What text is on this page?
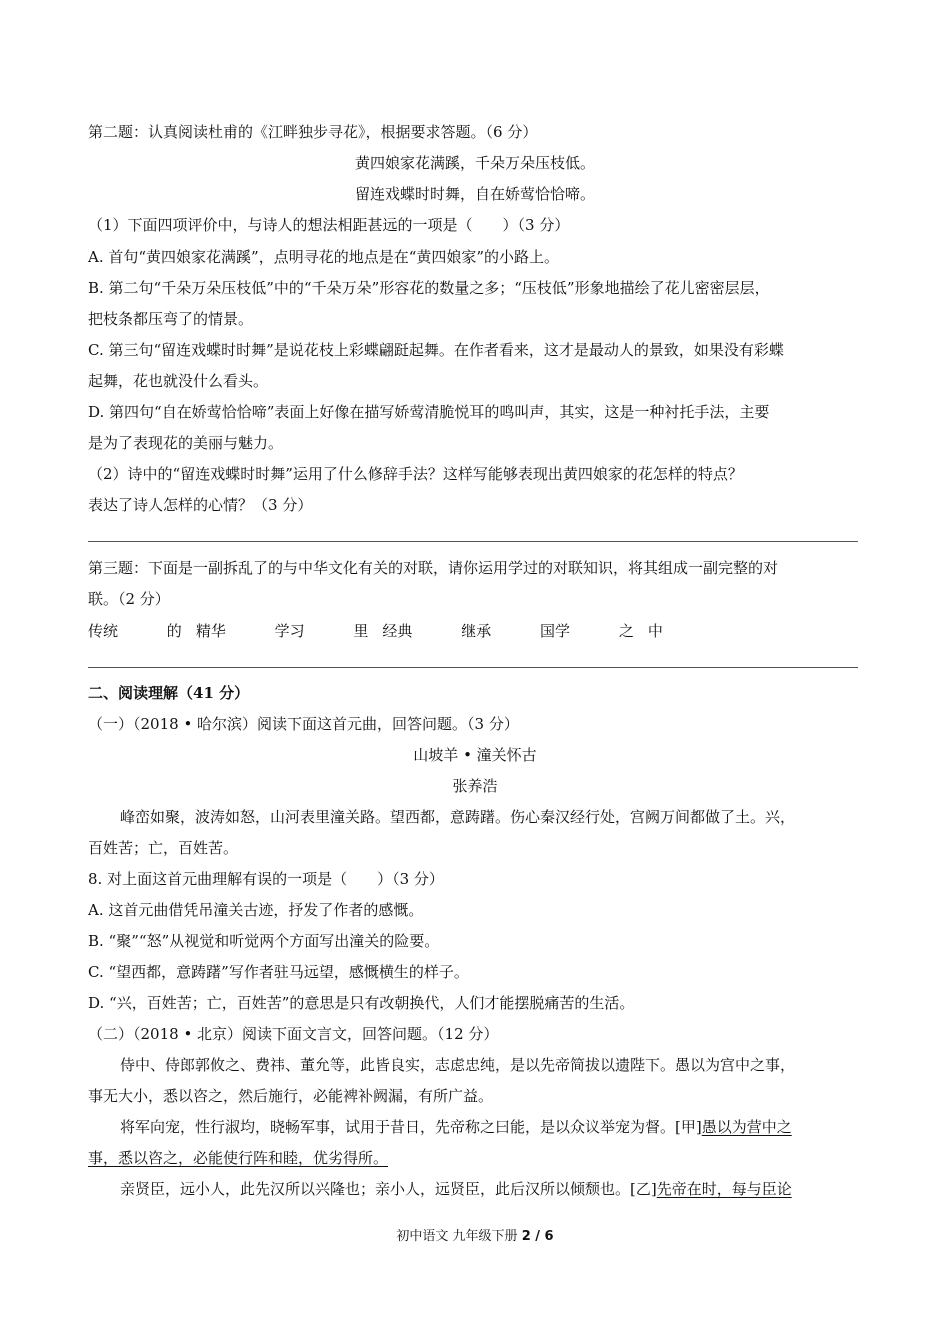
第二题：认真阅读杜甫的《江畔独步寻花》，根据要求答题。（6 分）
黄四娘家花满蹊，千朵万朵压枝低。
留连戏蝶时时舞，自在娇莺恰恰啼。
（1）下面四项评价中，与诗人的想法相距甚远的一项是（　　）（3 分）
A. 首句“黄四娘家花满蹊”，点明寻花的地点是在“黄四娘家”的小路上。
B. 第二句“千朵万朵压枝低”中的“千朵万朵”形容花的数量之多；“压枝低”形象地描绘了花儿密密层层，
把枝条都压弯了的情景。
C. 第三句“留连戏蝶时时舞”是说花枝上彩蝶翩跹起舞。在作者看来，这才是最动人的景致，如果没有彩蝶
起舞，花也就没什么看头。
D. 第四句“自在娇莺恰恰啼”表面上好像在描写娇莺清脆悦耳的鸣叫声，其实，这是一种衬托手法，主要
是为了表现花的美丽与魅力。
（2）诗中的“留连戏蝶时时舞”运用了什么修辞手法？这样写能够表现出黄四娘家的花怎样的特点？
表达了诗人怎样的心情？（3 分）
第三题：下面是一副拆乱了的与中华文化有关的对联，请你运用学过的对联知识，将其组成一副完整的对
联。（2 分）
传统	的 精华	学习	里 经典	继承	国学	之 中
二、阅读理解（41 分）
（一）（2018 • 哈尔滨）阅读下面这首元曲，回答问题。（3 分）
山坡羊 • 潼关怀古
张养浩
峰峦如聚，波涛如怒，山河表里潼关路。望西都，意踌躇。伤心秦汉经行处，宫阙万间都做了土。兴，
百姓苦；亡，百姓苦。
8. 对上面这首元曲理解有误的一项是（　　）（3 分）
A. 这首元曲借凭吊潼关古迹，抒发了作者的感慨。
B. “聚”“怒”从视觉和听觉两个方面写出潼关的险要。
C. “望西都，意踌躇”写作者驻马远望，感慨横生的样子。
D. “兴，百姓苦；亡，百姓苦”的意思是只有改朝换代，人们才能摆脱痛苦的生活。
（二）（2018 • 北京）阅读下面文言文，回答问题。（12 分）
侍中、侍郎郭攸之、费祎、董允等，此皆良实，志虑忠纯，是以先帝简拔以遗陛下。愚以为宫中之事，
事无大小，悉以咨之，然后施行，必能裨补阙漏，有所广益。
将军向宠，性行淑均，晓畅军事，试用于昔日，先帝称之曰能，是以众议举宠为督。[甲]愚以为营中之
事，悉以咨之，必能使行阵和睦，优劣得所。
亲贤臣，远小人，此先汉所以兴隆也；亲小人，远贤臣，此后汉所以倾颓也。[乙]先帝在时，每与臣论
初中语文 九年级下册 2 / 6
